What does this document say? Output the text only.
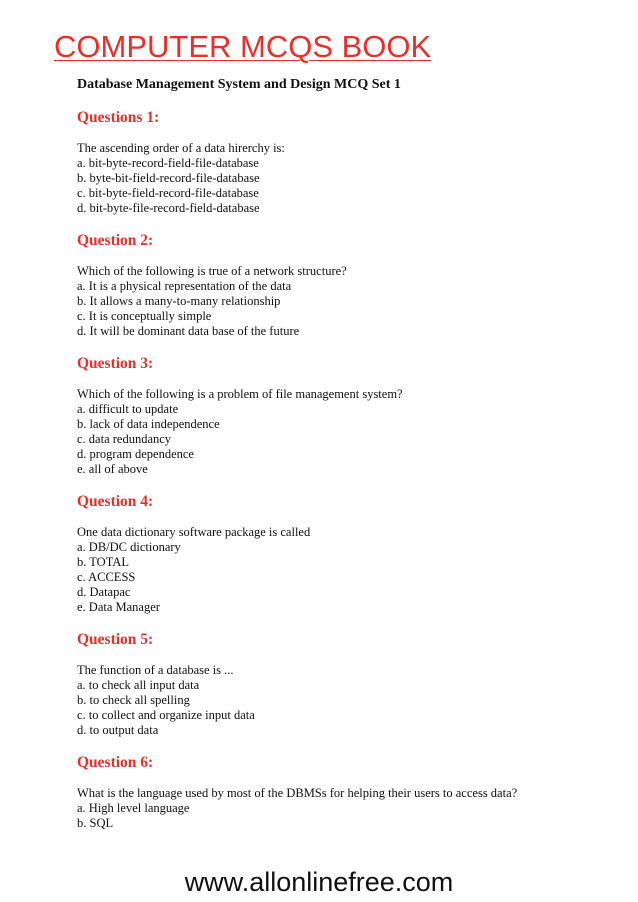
COMPUTER MCQS BOOK
Database Management System and Design MCQ Set 1
Questions 1:
The ascending order of a data hirerchy is:
a. bit-byte-record-field-file-database
b. byte-bit-field-record-file-database
c. bit-byte-field-record-file-database
d. bit-byte-file-record-field-database
Question 2:
Which of the following is true of a network structure?
a. It is a physical representation of the data
b. It allows a many-to-many relationship
c. It is conceptually simple
d. It will be dominant data base of the future
Question 3:
Which of the following is a problem of file management system?
a. difficult to update
b. lack of data independence
c. data redundancy
d. program dependence
e. all of above
Question 4:
One data dictionary software package is called
a. DB/DC dictionary
b. TOTAL
c. ACCESS
d. Datapac
e. Data Manager
Question 5:
The function of a database is ...
a. to check all input data
b. to check all spelling
c. to collect and organize input data
d. to output data
Question 6:
What is the language used by most of the DBMSs for helping their users to access data?
a. High level language
b. SQL
www.allonlinefree.com
